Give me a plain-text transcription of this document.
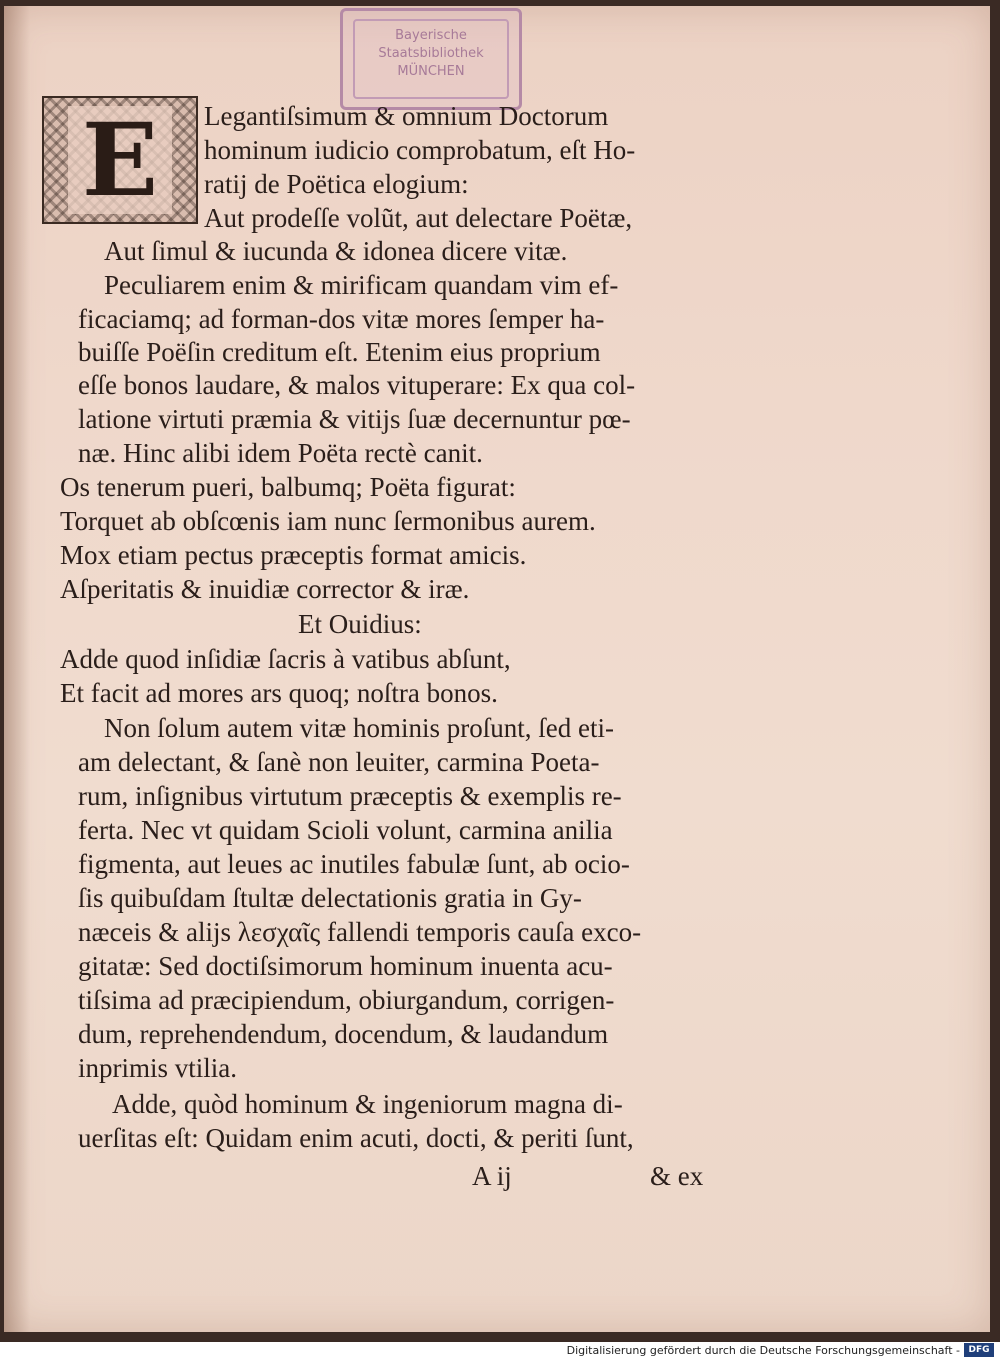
Bayerische
Staatsbibliothek
MÜNCHEN
E	Legantiſsimum & omnium Doctorum
hominum iudicio comprobatum, eſt Ho-
ratij de Poëtica elogium:
Aut prodeſſe volũt, aut delectare Poëtæ,
Aut ſimul & iucunda & idonea dicere vitæ.
Peculiarem enim & mirificam quandam vim ef-
ficaciamq; ad forman-dos vitæ mores ſemper ha-
buiſſe Poëſin creditum eſt. Etenim eius proprium
eſſe bonos laudare, & malos vituperare: Ex qua col-
latione virtuti præmia & vitijs ſuæ decernuntur pœ-
næ. Hinc alibi idem Poëta rectè canit.
Os tenerum pueri, balbumq; Poëta figurat:
Torquet ab obſcœnis iam nunc ſermonibus aurem.
Mox etiam pectus præceptis format amicis.
Aſperitatis & inuidiæ corrector & iræ.
Et Ouidius:
Adde quod inſidiæ ſacris à vatibus abſunt,
Et facit ad mores ars quoq; noſtra bonos.
Non ſolum autem vitæ hominis proſunt, ſed eti-
am delectant, & ſanè non leuiter, carmina Poeta-
rum, inſignibus virtutum præceptis & exemplis re-
ferta. Nec vt quidam Scioli volunt, carmina anilia
figmenta, aut leues ac inutiles fabulæ ſunt, ab ocio-
ſis quibuſdam ſtultæ delectationis gratia in Gy-
næceis & alijs λεσχαῖς fallendi temporis cauſa exco-
gitatæ: Sed doctiſsimorum hominum inuenta acu-
tiſsima ad præcipiendum, obiurgandum, corrigen-
dum, reprehendendum, docendum, & laudandum
inprimis vtilia.
Adde, quòd hominum & ingeniorum magna di-
uerſitas eſt: Quidam enim acuti, docti, & periti ſunt,
A ij	& ex
Digitalisierung gefördert durch die Deutsche Forschungsgemeinschaft - DFG
